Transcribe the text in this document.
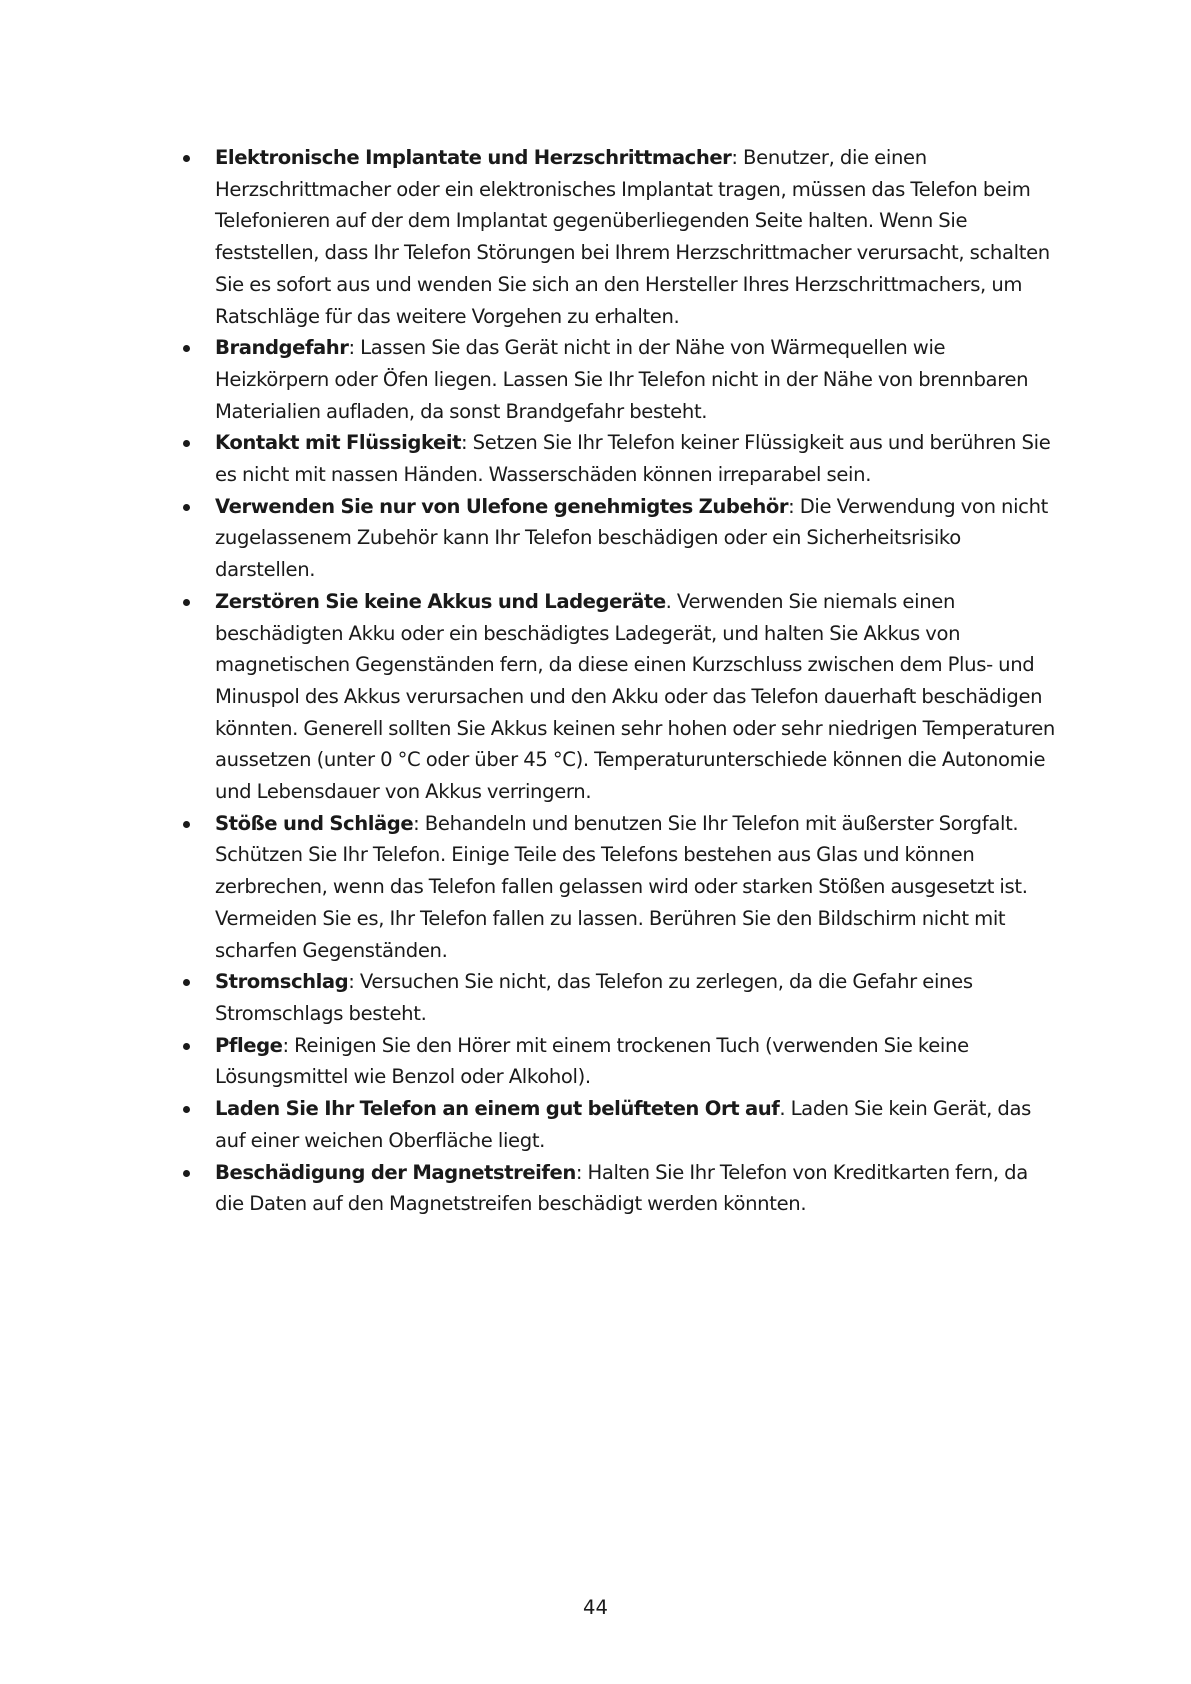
Elektronische Implantate und Herzschrittmacher: Benutzer, die einen Herzschrittmacher oder ein elektronisches Implantat tragen, müssen das Telefon beim Telefonieren auf der dem Implantat gegenüberliegenden Seite halten. Wenn Sie feststellen, dass Ihr Telefon Störungen bei Ihrem Herzschrittmacher verursacht, schalten Sie es sofort aus und wenden Sie sich an den Hersteller Ihres Herzschrittmachers, um Ratschläge für das weitere Vorgehen zu erhalten.
Brandgefahr: Lassen Sie das Gerät nicht in der Nähe von Wärmequellen wie Heizkörpern oder Öfen liegen. Lassen Sie Ihr Telefon nicht in der Nähe von brennbaren Materialien aufladen, da sonst Brandgefahr besteht.
Kontakt mit Flüssigkeit: Setzen Sie Ihr Telefon keiner Flüssigkeit aus und berühren Sie es nicht mit nassen Händen. Wasserschäden können irreparabel sein.
Verwenden Sie nur von Ulefone genehmigtes Zubehör: Die Verwendung von nicht zugelassenem Zubehör kann Ihr Telefon beschädigen oder ein Sicherheitsrisiko darstellen.
Zerstören Sie keine Akkus und Ladegeräte. Verwenden Sie niemals einen beschädigten Akku oder ein beschädigtes Ladegerät, und halten Sie Akkus von magnetischen Gegenständen fern, da diese einen Kurzschluss zwischen dem Plus- und Minuspol des Akkus verursachen und den Akku oder das Telefon dauerhaft beschädigen könnten. Generell sollten Sie Akkus keinen sehr hohen oder sehr niedrigen Temperaturen aussetzen (unter 0 °C oder über 45 °C). Temperaturunterschiede können die Autonomie und Lebensdauer von Akkus verringern.
Stöße und Schläge: Behandeln und benutzen Sie Ihr Telefon mit äußerster Sorgfalt. Schützen Sie Ihr Telefon. Einige Teile des Telefons bestehen aus Glas und können zerbrechen, wenn das Telefon fallen gelassen wird oder starken Stößen ausgesetzt ist. Vermeiden Sie es, Ihr Telefon fallen zu lassen. Berühren Sie den Bildschirm nicht mit scharfen Gegenständen.
Stromschlag: Versuchen Sie nicht, das Telefon zu zerlegen, da die Gefahr eines Stromschlags besteht.
Pflege: Reinigen Sie den Hörer mit einem trockenen Tuch (verwenden Sie keine Lösungsmittel wie Benzol oder Alkohol).
Laden Sie Ihr Telefon an einem gut belüfteten Ort auf. Laden Sie kein Gerät, das auf einer weichen Oberfläche liegt.
Beschädigung der Magnetstreifen: Halten Sie Ihr Telefon von Kreditkarten fern, da die Daten auf den Magnetstreifen beschädigt werden könnten.
44
